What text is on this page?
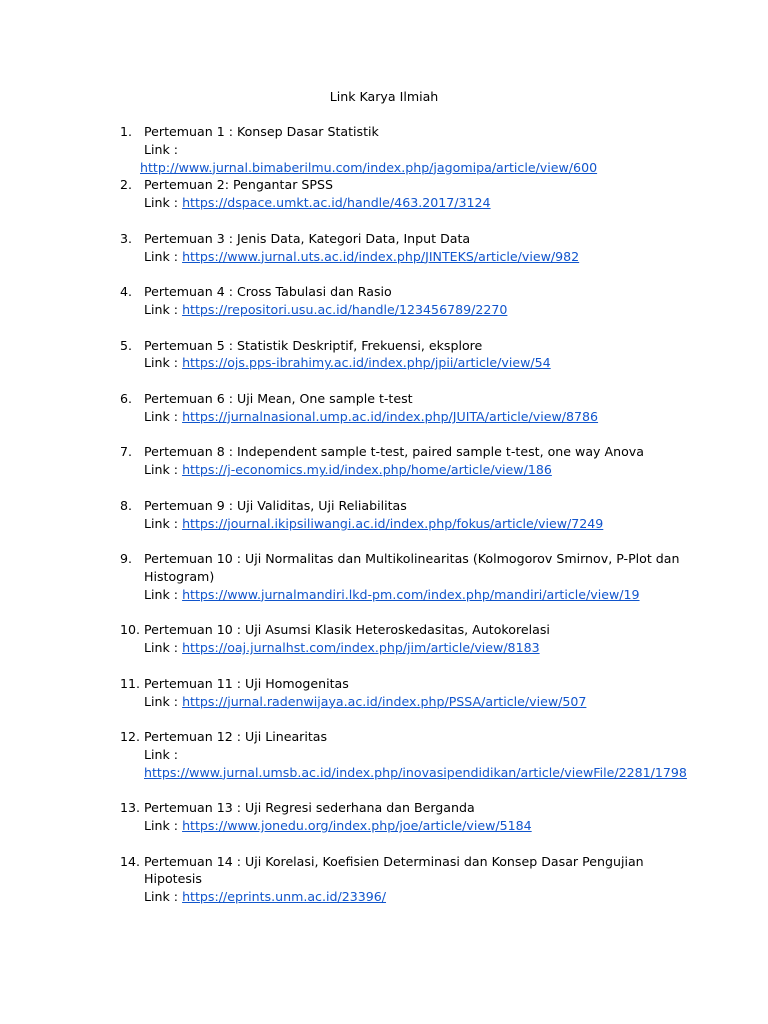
Link Karya Ilmiah
1. Pertemuan 1 : Konsep Dasar Statistik
Link :
http://www.jurnal.bimaberilmu.com/index.php/jagomipa/article/view/600
2. Pertemuan 2: Pengantar SPSS
Link : https://dspace.umkt.ac.id/handle/463.2017/3124
3. Pertemuan 3 : Jenis Data, Kategori Data, Input Data
Link : https://www.jurnal.uts.ac.id/index.php/JINTEKS/article/view/982
4. Pertemuan 4 : Cross Tabulasi dan Rasio
Link : https://repositori.usu.ac.id/handle/123456789/2270
5. Pertemuan 5 : Statistik Deskriptif, Frekuensi, eksplore
Link : https://ojs.pps-ibrahimy.ac.id/index.php/jpii/article/view/54
6. Pertemuan 6 : Uji Mean, One sample t-test
Link : https://jurnalnasional.ump.ac.id/index.php/JUITA/article/view/8786
7. Pertemuan 8 : Independent sample t-test, paired sample t-test, one way Anova
Link : https://j-economics.my.id/index.php/home/article/view/186
8. Pertemuan 9 : Uji Validitas, Uji Reliabilitas
Link : https://journal.ikipsiliwangi.ac.id/index.php/fokus/article/view/7249
9. Pertemuan 10 : Uji Normalitas dan Multikolinearitas (Kolmogorov Smirnov, P-Plot dan Histogram)
Link : https://www.jurnalmandiri.lkd-pm.com/index.php/mandiri/article/view/19
10. Pertemuan 10 : Uji Asumsi Klasik Heteroskedasitas, Autokorelasi
Link : https://oaj.jurnalhst.com/index.php/jim/article/view/8183
11. Pertemuan 11 : Uji Homogenitas
Link : https://jurnal.radenwijaya.ac.id/index.php/PSSA/article/view/507
12. Pertemuan 12 : Uji Linearitas
Link :
https://www.jurnal.umsb.ac.id/index.php/inovasipendidikan/article/viewFile/2281/1798
13. Pertemuan 13 : Uji Regresi sederhana dan Berganda
Link : https://www.jonedu.org/index.php/joe/article/view/5184
14. Pertemuan 14 : Uji Korelasi, Koefisien Determinasi dan Konsep Dasar Pengujian Hipotesis
Link : https://eprints.unm.ac.id/23396/
